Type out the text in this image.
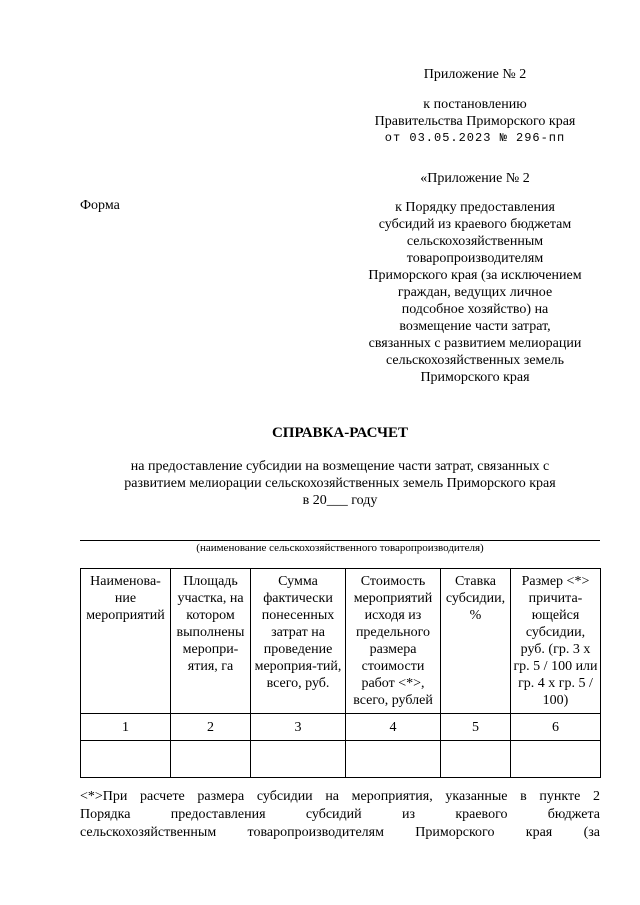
Приложение № 2
к постановлению
Правительства Приморского края
от 03.05.2023 № 296-пп
Форма
«Приложение № 2
к Порядку предоставления
субсидий из краевого бюджетам
сельскохозяйственным
товаропроизводителям
Приморского края (за исключением
граждан, ведущих личное
подсобное хозяйство) на
возмещение части затрат,
связанных с развитием мелиорации
сельскохозяйственных земель
Приморского края
СПРАВКА-РАСЧЕТ
на предоставление субсидии на возмещение части затрат, связанных с
развитием мелиорации сельскохозяйственных земель Приморского края
в 20___ году
(наименование сельскохозяйственного товаропроизводителя)
Наименова-ние мероприятий	Площадь участка, на котором выполнены меропри-ятия, га	Сумма фактически понесенных затрат на проведение мероприя-тий, всего, руб.	Стоимость мероприятий исходя из предельного размера стоимости работ <*>, всего, рублей	Ставка субсидии, %	Размер <*> причита-ющейся субсидии, руб. (гр. 3 х гр. 5 / 100 или гр. 4 х гр. 5 / 100)
1	2	3	4	5	6

<*>При расчете размера субсидии на мероприятия, указанные в пункте 2
Порядка предоставления субсидий из краевого бюджета
сельскохозяйственным товаропроизводителям Приморского края (за
